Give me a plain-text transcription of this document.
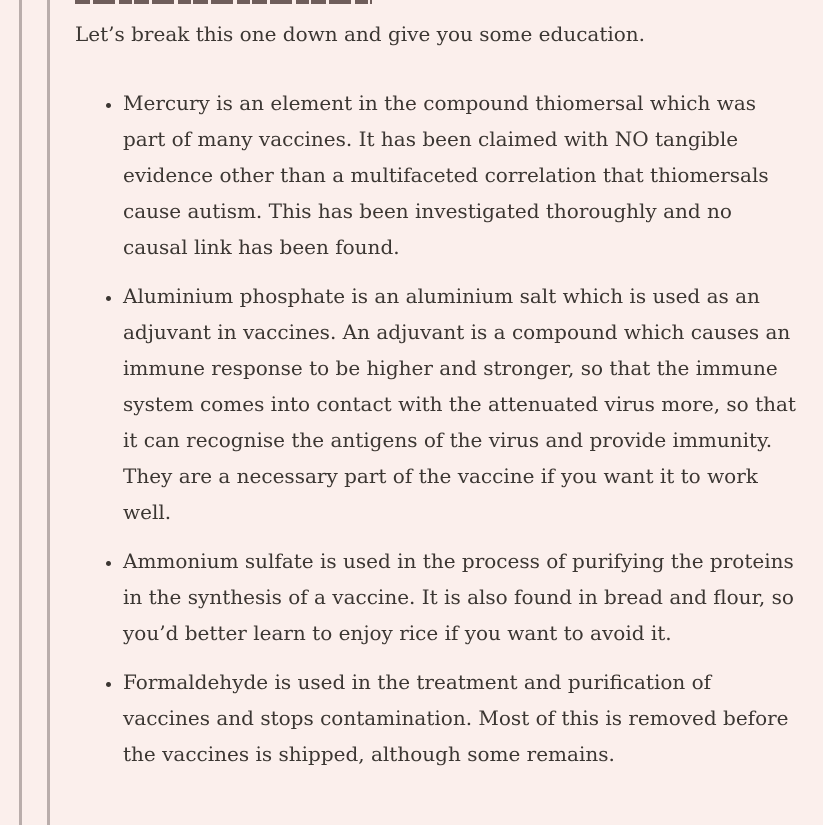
Let’s break this one down and give you some education.

• Mercury is an element in the compound thiomersal which was part of many vaccines. It has been claimed with NO tangible evidence other than a multifaceted correlation that thiomersals cause autism. This has been investigated thoroughly and no causal link has been found.
• Aluminium phosphate is an aluminium salt which is used as an adjuvant in vaccines. An adjuvant is a compound which causes an immune response to be higher and stronger, so that the immune system comes into contact with the attenuated virus more, so that it can recognise the antigens of the virus and provide immunity. They are a necessary part of the vaccine if you want it to work well.
• Ammonium sulfate is used in the process of purifying the proteins in the synthesis of a vaccine. It is also found in bread and flour, so you’d better learn to enjoy rice if you want to avoid it.
• Formaldehyde is used in the treatment and purification of vaccines and stops contamination. Most of this is removed before the vaccines is shipped, although some remains.
